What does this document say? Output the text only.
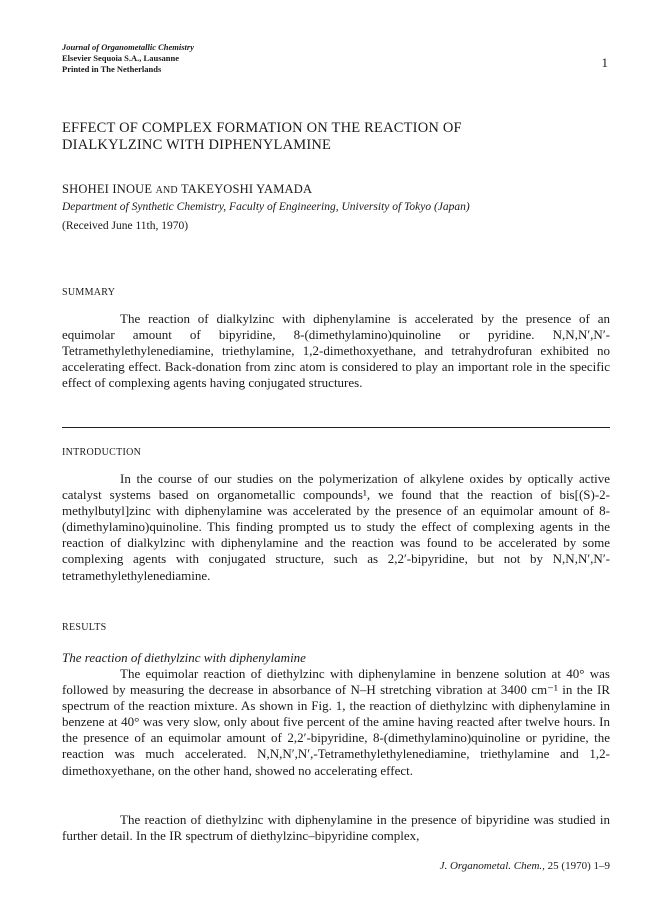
Journal of Organometallic Chemistry
Elsevier Sequoia S.A., Lausanne
Printed in The Netherlands	1
EFFECT OF COMPLEX FORMATION ON THE REACTION OF
DIALKYLZINC WITH DIPHENYLAMINE
SHOHEI INOUE AND TAKEYOSHI YAMADA
Department of Synthetic Chemistry, Faculty of Engineering, University of Tokyo (Japan)
(Received June 11th, 1970)
SUMMARY
The reaction of dialkylzinc with diphenylamine is accelerated by the presence of an equimolar amount of bipyridine, 8-(dimethylamino)quinoline or pyridine. N,N,N′,N′-Tetramethylethylenediamine, triethylamine, 1,2-dimethoxyethane, and tetrahydrofuran exhibited no accelerating effect. Back-donation from zinc atom is considered to play an important role in the specific effect of complexing agents having conjugated structures.
INTRODUCTION
In the course of our studies on the polymerization of alkylene oxides by optically active catalyst systems based on organometallic compounds¹, we found that the reaction of bis[(S)-2-methylbutyl]zinc with diphenylamine was accelerated by the presence of an equimolar amount of 8-(dimethylamino)quinoline. This finding prompted us to study the effect of complexing agents in the reaction of dialkylzinc with diphenylamine and the reaction was found to be accelerated by some complexing agents with conjugated structure, such as 2,2′-bipyridine, but not by N,N,N′,N′-tetramethylethylenediamine.
RESULTS
The reaction of diethylzinc with diphenylamine
The equimolar reaction of diethylzinc with diphenylamine in benzene solution at 40° was followed by measuring the decrease in absorbance of N–H stretching vibration at 3400 cm⁻¹ in the IR spectrum of the reaction mixture. As shown in Fig. 1, the reaction of diethylzinc with diphenylamine in benzene at 40° was very slow, only about five percent of the amine having reacted after twelve hours. In the presence of an equimolar amount of 2,2′-bipyridine, 8-(dimethylamino)quinoline or pyridine, the reaction was much accelerated. N,N,N′,N′,-Tetramethylethylenediamine, triethylamine and 1,2-dimethoxyethane, on the other hand, showed no accelerating effect.
The reaction of diethylzinc with diphenylamine in the presence of bipyridine was studied in further detail. In the IR spectrum of diethylzinc–bipyridine complex,
J. Organometal. Chem., 25 (1970) 1–9
